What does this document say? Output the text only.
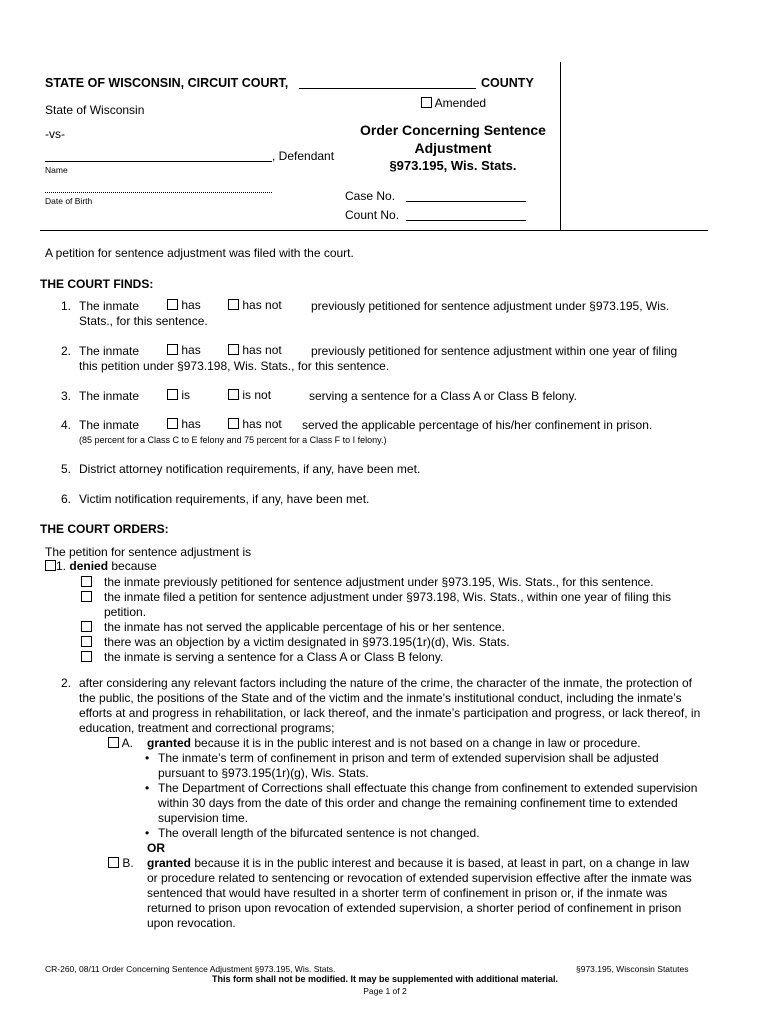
STATE OF WISCONSIN, CIRCUIT COURT,	COUNTY
Amended
State of Wisconsin
-vs-
, Defendant
Name
Date of Birth
Order Concerning Sentence
Adjustment
§973.195, Wis. Stats.
Case No.
Count No.
A petition for sentence adjustment was filed with the court.
THE COURT FINDS:
1. The inmate	has	has not previously petitioned for sentence adjustment under §973.195, Wis.
Stats., for this sentence.
2. The inmate	has	has not previously petitioned for sentence adjustment within one year of filing
this petition under §973.198, Wis. Stats., for this sentence.
3. The inmate	is	is not	serving a sentence for a Class A or Class B felony.
4. The inmate	has	has not served the applicable percentage of his/her confinement in prison.
(85 percent for a Class C to E felony and 75 percent for a Class F to I felony.)
5. District attorney notification requirements, if any, have been met.
6. Victim notification requirements, if any, have been met.
THE COURT ORDERS:
The petition for sentence adjustment is
1. denied because
the inmate previously petitioned for sentence adjustment under §973.195, Wis. Stats., for this sentence.
the inmate filed a petition for sentence adjustment under §973.198, Wis. Stats., within one year of filing this petition.
the inmate has not served the applicable percentage of his or her sentence.
there was an objection by a victim designated in §973.195(1r)(d), Wis. Stats.
the inmate is serving a sentence for a Class A or Class B felony.
2. after considering any relevant factors including the nature of the crime, the character of the inmate, the protection of the public, the positions of the State and of the victim and the inmate’s institutional conduct, including the inmate’s efforts at and progress in rehabilitation, or lack thereof, and the inmate’s participation and progress, or lack thereof, in education, treatment and correctional programs;
A. granted because it is in the public interest and is not based on a change in law or procedure.
• The inmate’s term of confinement in prison and term of extended supervision shall be adjusted pursuant to §973.195(1r)(g), Wis. Stats.
• The Department of Corrections shall effectuate this change from confinement to extended supervision within 30 days from the date of this order and change the remaining confinement time to extended supervision time.
• The overall length of the bifurcated sentence is not changed.
OR
B. granted because it is in the public interest and because it is based, at least in part, on a change in law or procedure related to sentencing or revocation of extended supervision effective after the inmate was sentenced that would have resulted in a shorter term of confinement in prison or, if the inmate was returned to prison upon revocation of extended supervision, a shorter period of confinement in prison upon revocation.
CR-260, 08/11 Order Concerning Sentence Adjustment §973.195, Wis. Stats.	§973.195, Wisconsin Statutes
This form shall not be modified. It may be supplemented with additional material.
Page 1 of 2
